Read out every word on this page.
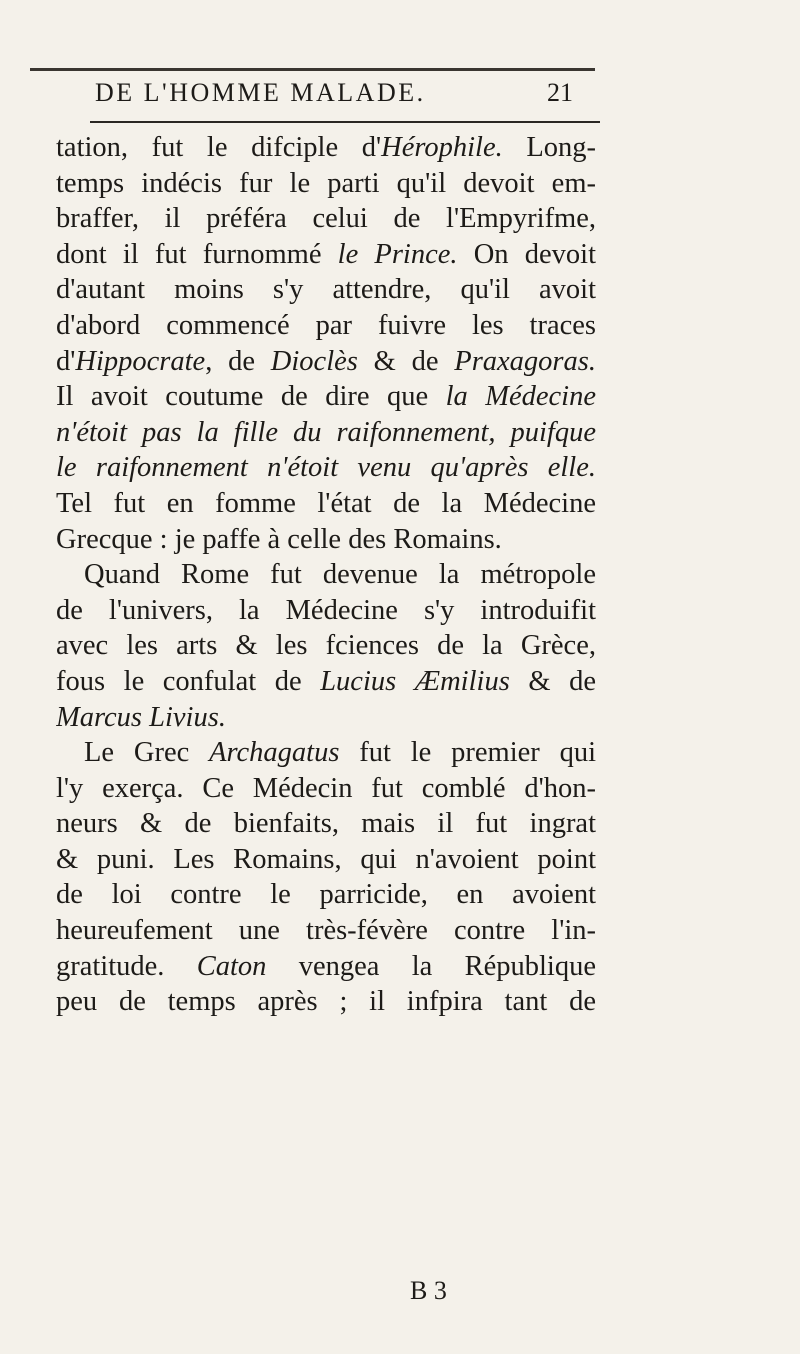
DE L'HOMME MALADE.	21
tation, fut le difciple d'Hérophile. Long-
temps indécis fur le parti qu'il devoit em-
braffer, il préféra celui de l'Empyrifme,
dont il fut furnommé le Prince. On devoit
d'autant moins s'y attendre, qu'il avoit
d'abord commencé par fuivre les traces
d'Hippocrate, de Dioclès & de Praxagoras.
Il avoit coutume de dire que la Médecine
n'étoit pas la fille du raifonnement, puifque
le raifonnement n'étoit venu qu'après elle.
Tel fut en fomme l'état de la Médecine
Grecque : je paffe à celle des Romains.
Quand Rome fut devenue la métropole
de l'univers, la Médecine s'y introduifit
avec les arts & les fciences de la Grèce,
fous le confulat de Lucius Æmilius & de
Marcus Livius.
Le Grec Archagatus fut le premier qui
l'y exerça. Ce Médecin fut comblé d'hon-
neurs & de bienfaits, mais il fut ingrat
& puni. Les Romains, qui n'avoient point
de loi contre le parricide, en avoient
heureufement une très-févère contre l'in-
gratitude. Caton vengea la République
peu de temps après ; il infpira tant de
B 3
